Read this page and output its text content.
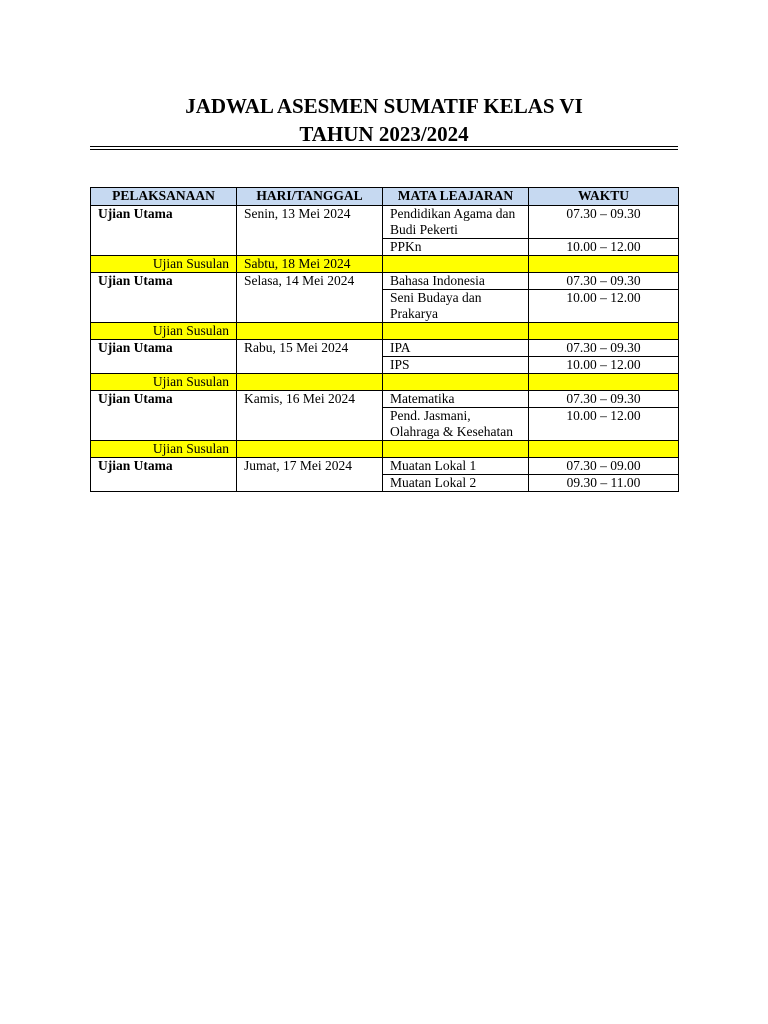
JADWAL ASESMEN SUMATIF KELAS VI
TAHUN 2023/2024
PELAKSANAAN	HARI/TANGGAL	MATA LEAJARAN	WAKTU
Ujian Utama	Senin, 13 Mei 2024	Pendidikan Agama dan Budi Pekerti	07.30 – 09.30
		PPKn	10.00 – 12.00
Ujian Susulan	Sabtu, 18 Mei 2024		
Ujian Utama	Selasa, 14 Mei 2024	Bahasa Indonesia	07.30 – 09.30
		Seni Budaya dan Prakarya	10.00 – 12.00
Ujian Susulan			
Ujian Utama	Rabu, 15 Mei 2024	IPA	07.30 – 09.30
		IPS	10.00 – 12.00
Ujian Susulan			
Ujian Utama	Kamis, 16 Mei 2024	Matematika	07.30 – 09.30
		Pend. Jasmani, Olahraga & Kesehatan	10.00 – 12.00
Ujian Susulan			
Ujian Utama	Jumat, 17 Mei 2024	Muatan Lokal 1	07.30 – 09.00
		Muatan Lokal 2	09.30 – 11.00
